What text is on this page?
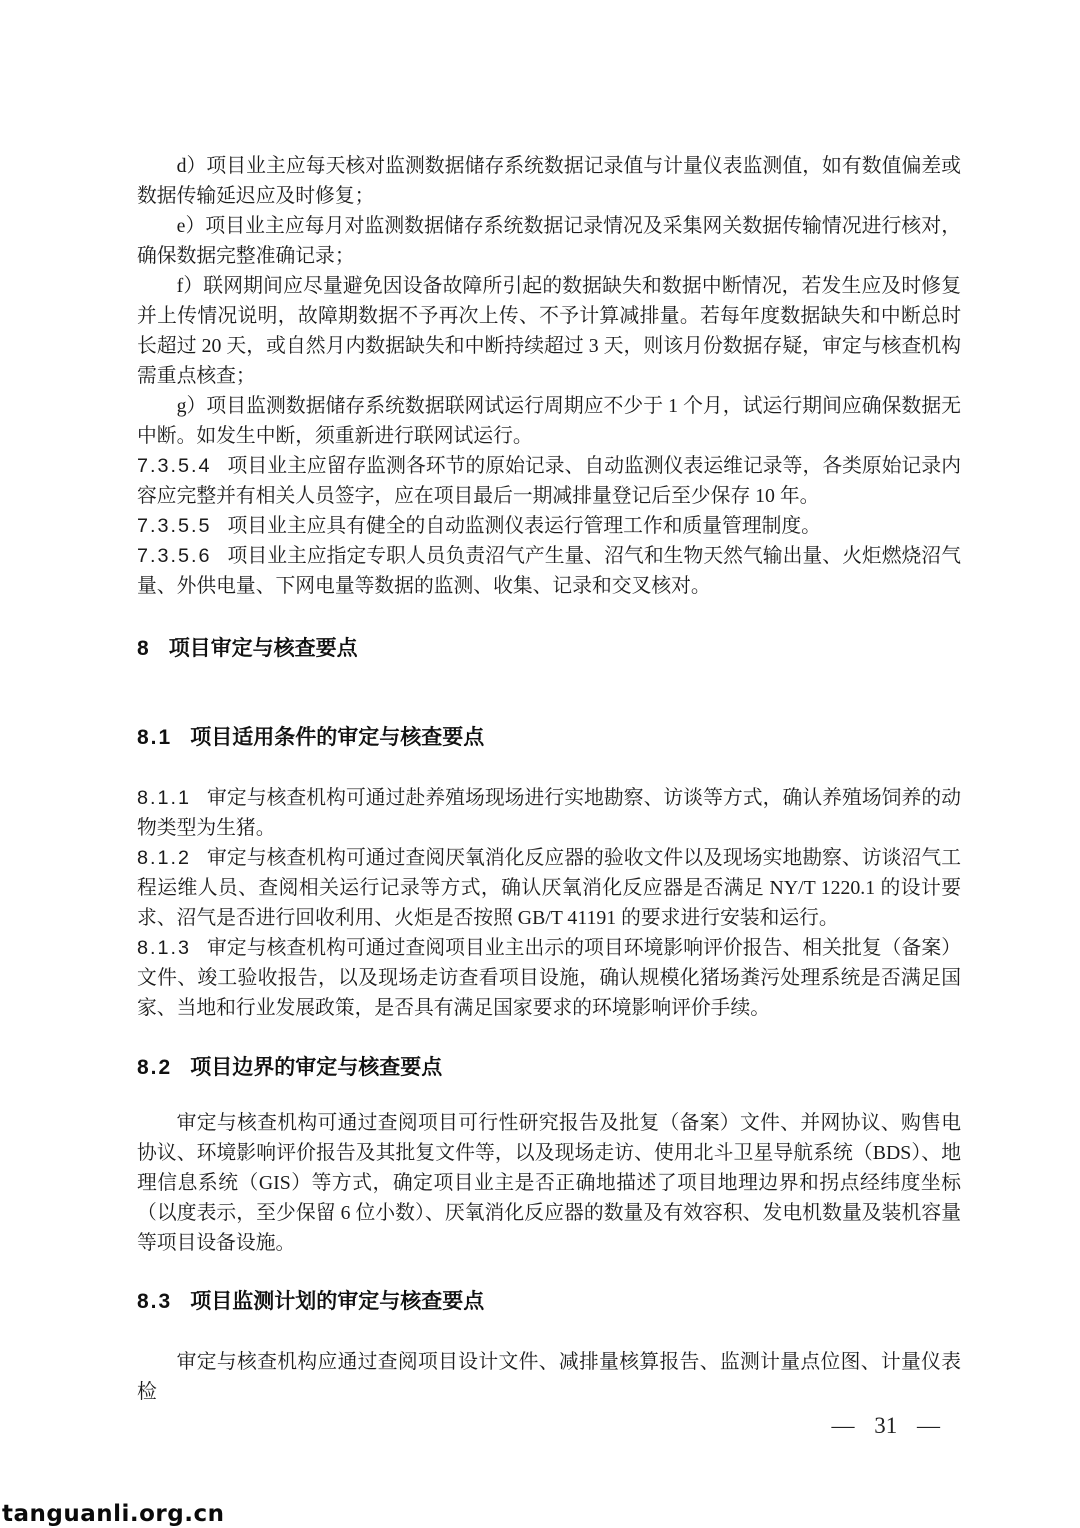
d）项目业主应每天核对监测数据储存系统数据记录值与计量仪表监测值，如有数值偏差或数据传输延迟应及时修复；

e）项目业主应每月对监测数据储存系统数据记录情况及采集网关数据传输情况进行核对，确保数据完整准确记录；

f）联网期间应尽量避免因设备故障所引起的数据缺失和数据中断情况，若发生应及时修复并上传情况说明，故障期数据不予再次上传、不予计算减排量。若每年度数据缺失和中断总时长超过 20 天，或自然月内数据缺失和中断持续超过 3 天，则该月份数据存疑，审定与核查机构需重点核查；

g）项目监测数据储存系统数据联网试运行周期应不少于 1 个月，试运行期间应确保数据无中断。如发生中断，须重新进行联网试运行。

7.3.5.4 项目业主应留存监测各环节的原始记录、自动监测仪表运维记录等，各类原始记录内容应完整并有相关人员签字，应在项目最后一期减排量登记后至少保存 10 年。

7.3.5.5 项目业主应具有健全的自动监测仪表运行管理工作和质量管理制度。

7.3.5.6 项目业主应指定专职人员负责沼气产生量、沼气和生物天然气输出量、火炬燃烧沼气量、外供电量、下网电量等数据的监测、收集、记录和交叉核对。

8 项目审定与核查要点
8.1 项目适用条件的审定与核查要点

8.1.1 审定与核查机构可通过赴养殖场现场进行实地勘察、访谈等方式，确认养殖场饲养的动物类型为生猪。

8.1.2 审定与核查机构可通过查阅厌氧消化反应器的验收文件以及现场实地勘察、访谈沼气工程运维人员、查阅相关运行记录等方式，确认厌氧消化反应器是否满足 NY/T 1220.1 的设计要求、沼气是否进行回收利用、火炬是否按照 GB/T 41191 的要求进行安装和运行。

8.1.3 审定与核查机构可通过查阅项目业主出示的项目环境影响评价报告、相关批复（备案）文件、竣工验收报告，以及现场走访查看项目设施，确认规模化猪场粪污处理系统是否满足国家、当地和行业发展政策，是否具有满足国家要求的环境影响评价手续。

8.2 项目边界的审定与核查要点

审定与核查机构可通过查阅项目可行性研究报告及批复（备案）文件、并网协议、购售电协议、环境影响评价报告及其批复文件等，以及现场走访、使用北斗卫星导航系统（BDS）、地理信息系统（GIS）等方式，确定项目业主是否正确地描述了项目地理边界和拐点经纬度坐标（以度表示，至少保留 6 位小数）、厌氧消化反应器的数量及有效容积、发电机数量及装机容量等项目设备设施。

8.3 项目监测计划的审定与核查要点

审定与核查机构应通过查阅项目设计文件、减排量核算报告、监测计量点位图、计量仪表检

— 31 —
tanguanli.org.cn
